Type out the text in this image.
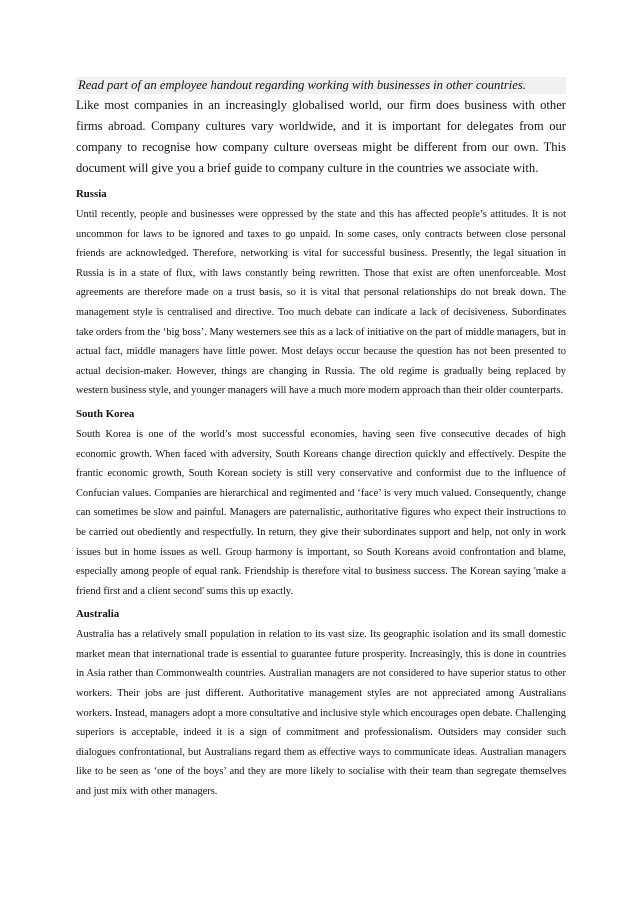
Read part of an employee handout regarding working with businesses in other countries.

Like most companies in an increasingly globalised world, our firm does business with other firms abroad. Company cultures vary worldwide, and it is important for delegates from our company to recognise how company culture overseas might be different from our own. This document will give you a brief guide to company culture in the countries we associate with.

Russia

Until recently, people and businesses were oppressed by the state and this has affected people’s attitudes. It is not uncommon for laws to be ignored and taxes to go unpaid. In some cases, only contracts between close personal friends are acknowledged. Therefore, networking is vital for successful business. Presently, the legal situation in Russia is in a state of flux, with laws constantly being rewritten. Those that exist are often unenforceable. Most agreements are therefore made on a trust basis, so it is vital that personal relationships do not break down. The management style is centralised and directive. Too much debate can indicate a lack of decisiveness. Subordinates take orders from the ‘big boss’. Many westerners see this as a lack of initiative on the part of middle managers, but in actual fact, middle managers have little power. Most delays occur because the question has not been presented to actual decision-maker. However, things are changing in Russia. The old regime is gradually being replaced by western business style, and younger managers will have a much more modern approach than their older counterparts.

South Korea

South Korea is one of the world’s most successful economies, having seen five consecutive decades of high economic growth. When faced with adversity, South Koreans change direction quickly and effectively. Despite the frantic economic growth, South Korean society is still very conservative and conformist due to the influence of Confucian values. Companies are hierarchical and regimented and ‘face’ is very much valued. Consequently, change can sometimes be slow and painful. Managers are paternalistic, authoritative figures who expect their instructions to be carried out obediently and respectfully. In return, they give their subordinates support and help, not only in work issues but in home issues as well. Group harmony is important, so South Koreans avoid confrontation and blame, especially among people of equal rank. Friendship is therefore vital to business success. The Korean saying 'make a friend first and a client second' sums this up exactly.

Australia

Australia has a relatively small population in relation to its vast size. Its geographic isolation and its small domestic market mean that international trade is essential to guarantee future prosperity. Increasingly, this is done in countries in Asia rather than Commonwealth countries. Australian managers are not considered to have superior status to other workers. Their jobs are just different. Authoritative management styles are not appreciated among Australians workers. Instead, managers adopt a more consultative and inclusive style which encourages open debate. Challenging superiors is acceptable, indeed it is a sign of commitment and professionalism. Outsiders may consider such dialogues confrontational, but Australians regard them as effective ways to communicate ideas. Australian managers like to be seen as ‘one of the boys’ and they are more likely to socialise with their team than segregate themselves and just mix with other managers.
